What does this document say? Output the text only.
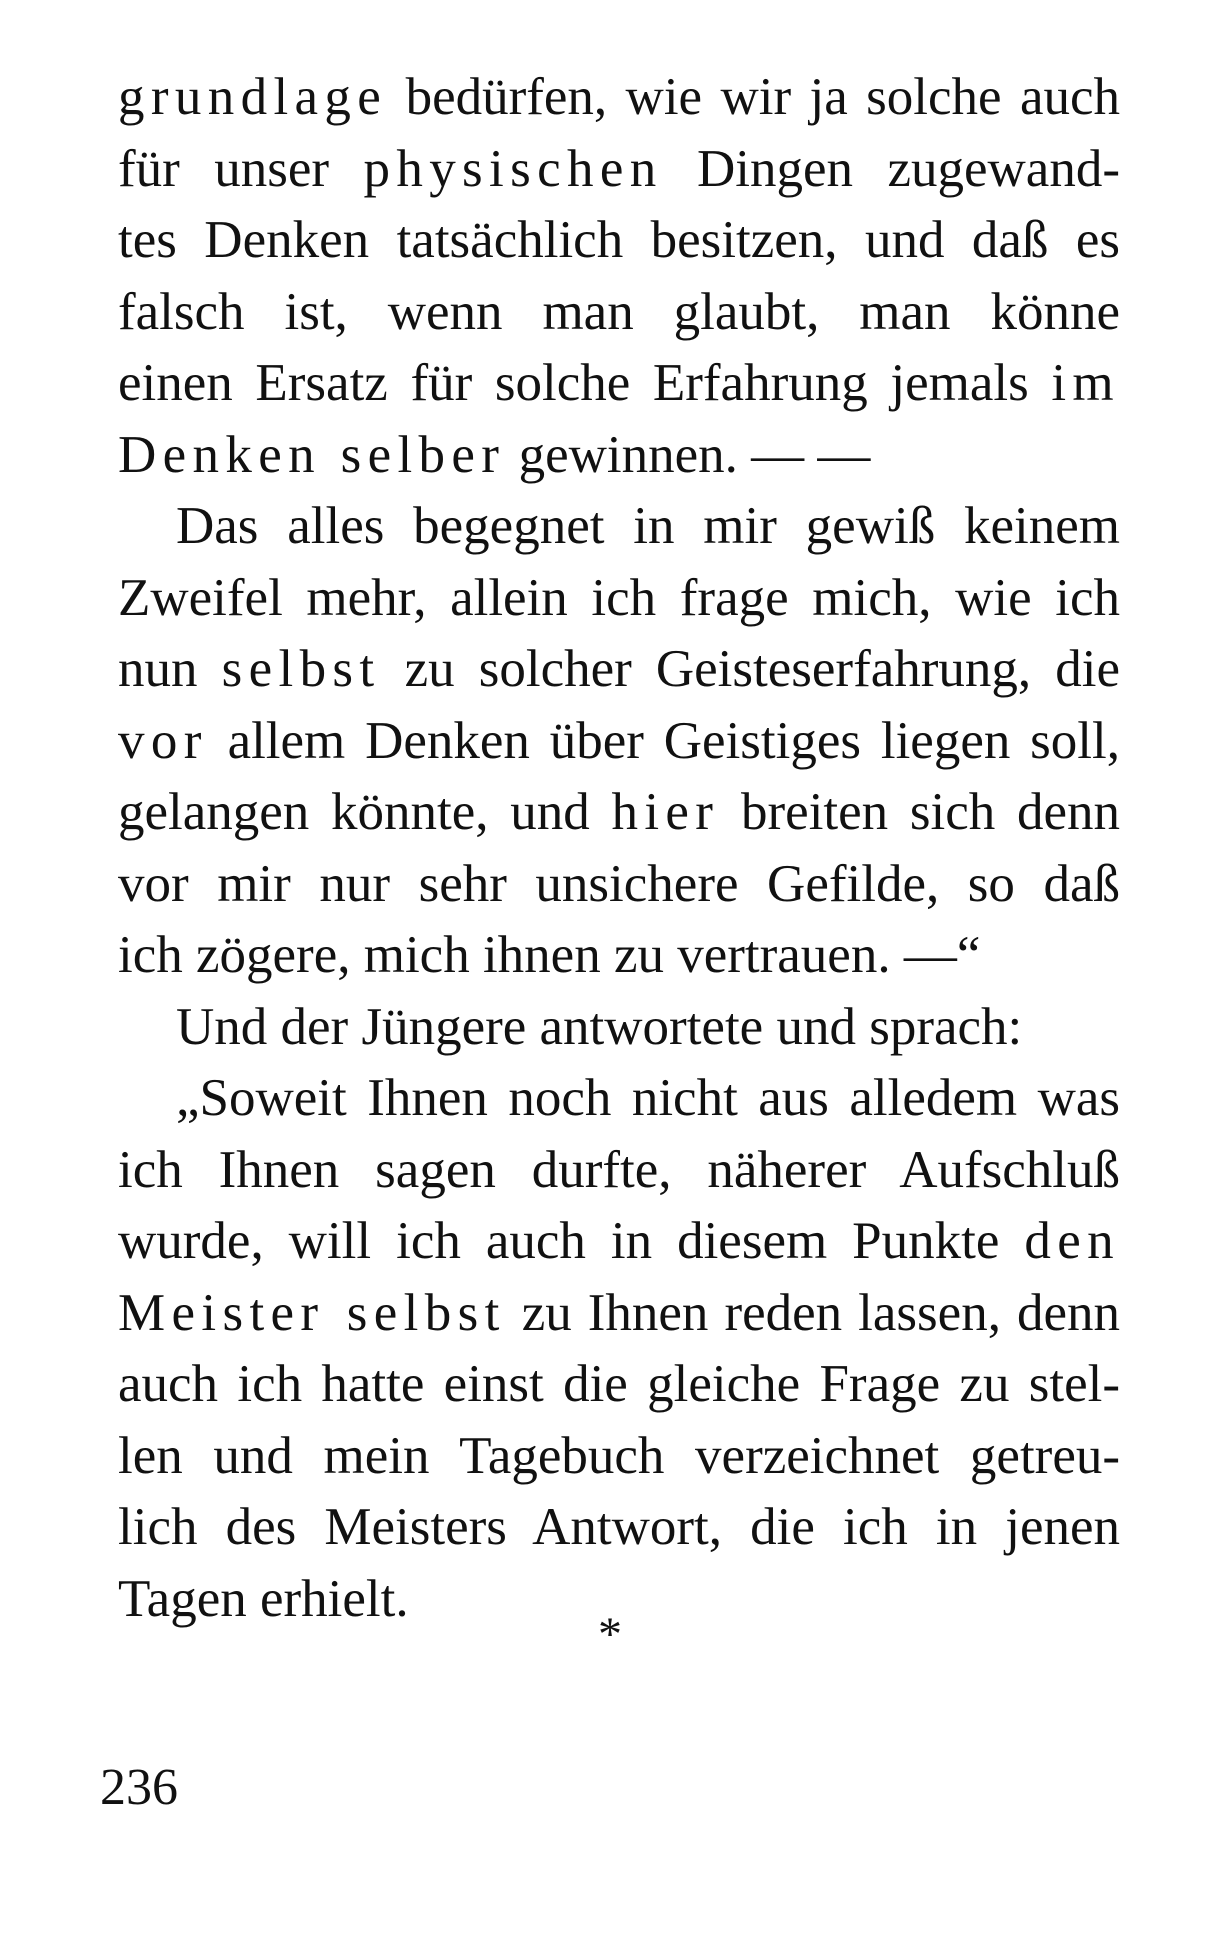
grundlage bedürfen, wie wir ja solche auch
für unser physischen Dingen zugewand-
tes Denken tatsächlich besitzen, und daß es
falsch ist, wenn man glaubt, man könne
einen Ersatz für solche Erfahrung jemals im
Denken selber gewinnen. — —
Das alles begegnet in mir gewiß keinem
Zweifel mehr, allein ich frage mich, wie ich
nun selbst zu solcher Geisteserfahrung, die
vor allem Denken über Geistiges liegen soll,
gelangen könnte, und hier breiten sich denn
vor mir nur sehr unsichere Gefilde, so daß
ich zögere, mich ihnen zu vertrauen. —“
Und der Jüngere antwortete und sprach:
„Soweit Ihnen noch nicht aus alledem was
ich Ihnen sagen durfte, näherer Aufschluß
wurde, will ich auch in diesem Punkte den
Meister selbst zu Ihnen reden lassen, denn
auch ich hatte einst die gleiche Frage zu stel-
len und mein Tagebuch verzeichnet getreu-
lich des Meisters Antwort, die ich in jenen
Tagen erhielt.
*
236
